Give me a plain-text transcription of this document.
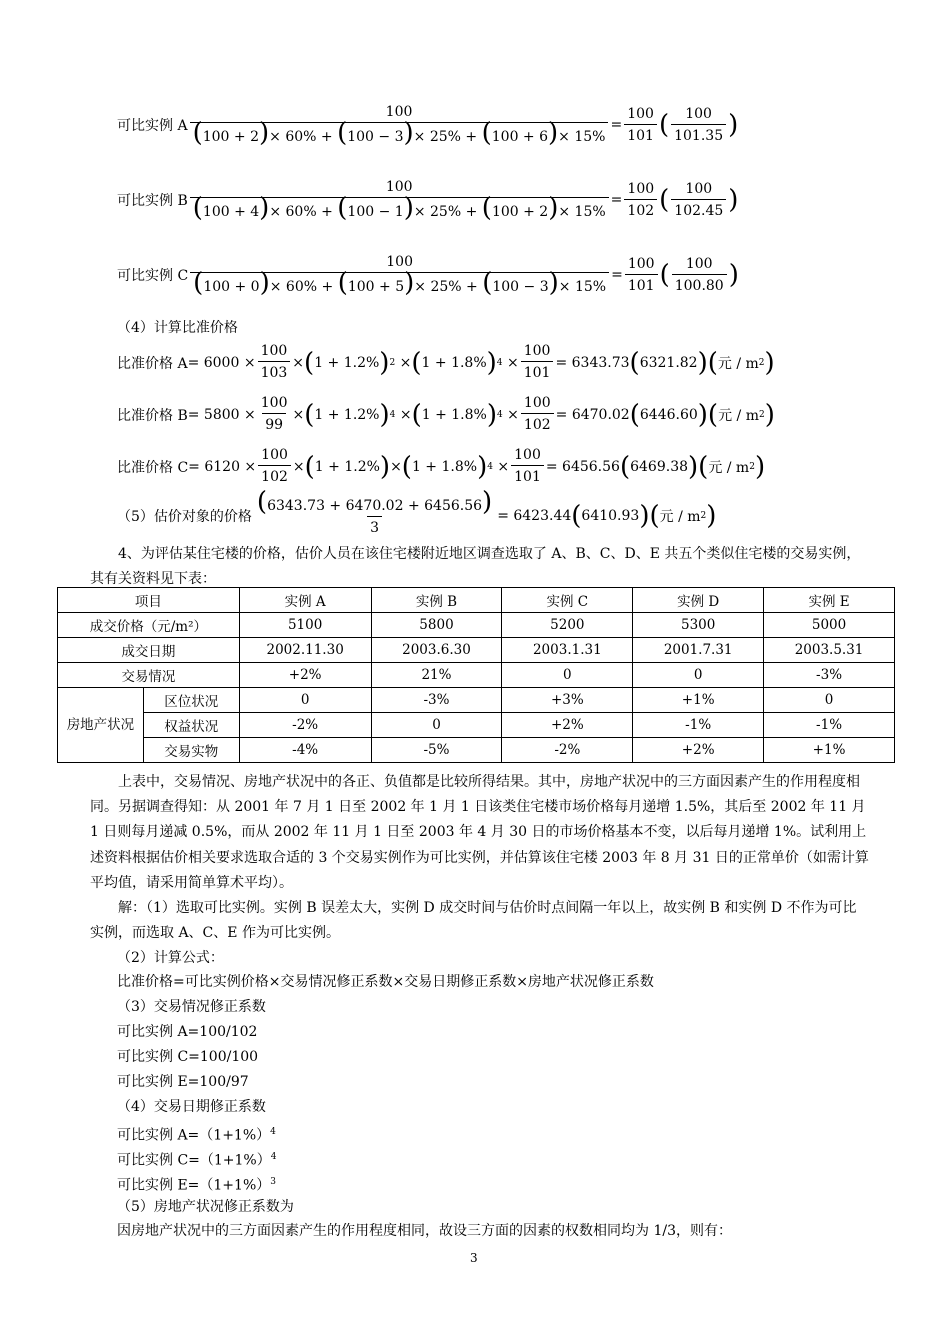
可比实例 A $\frac{100}{(100 + 2)\times 60\% + (100 - 3)\times 25\% + (100 + 6)\times 15\%} = \frac{100}{101}$ ( $\frac{100}{101.35}$ )
可比实例 B $\frac{100}{(100 + 4)\times 60\% + (100 - 1)\times 25\% + (100 + 2)\times 15\%} = \frac{100}{102}$ ( $\frac{100}{102.45}$ )
可比实例 C $\frac{100}{(100 + 0)\times 60\% + (100 + 5)\times 25\% + (100 - 3)\times 15\%} = \frac{100}{101}$ ( $\frac{100}{100.80}$ )
（4）计算比准价格
比准价格 $A = 6000 \times \frac{100}{103}$ × ( 1 + 1.2% ) 2 × ( 1 + 1.8% ) $4 \times \frac{100}{101} = 6343.73$ ( 6321.82 )( 元 / m 2 )
比准价格 $B = 5800 \times \frac{100}{99}$ × ( 1 + 1.2% ) 4 × ( 1 + 1.8% ) $4 \times \frac{100}{102} = 6470.02$ ( 6446.60 )( 元 / m 2 )
比准价格 $C = 6120 \times \frac{100}{102}$ × ( 1 + 1.2% ) × ( 1 + 1.8% ) $4 \times \frac{100}{101} = 6456.56$ ( 6469.38 )( 元 / m 2 )
（5）估价对象的价格 $\frac{(6343.73 + 6470.02 + 6456.56)}{3} = 6423.44$ ( 6410.93 )( 元 / m 2 )
4、为评估某住宅楼的价格，估价人员在该住宅楼附近地区调查选取了 A、B、C、D、E 共五个类似住宅楼的交易实例，其有关资料见下表：
项目		实例 A	实例 B	实例 C	实例 D	实例 E
成交价格（元/m²）		5100	5800	5200	5300	5000
成交日期		2002.11.30	2003.6.30	2003.1.31	2001.7.31	2003.5.31
交易情况		+2%	21%	0	0	-3%
房地产状况	区位状况	0	-3%	+3%	+1%	0
	权益状况	-2%	0	+2%	-1%	-1%
	交易实物	-4%	-5%	-2%	+2%	+1%
上表中，交易情况、房地产状况中的各正、负值都是比较所得结果。其中，房地产状况中的三方面因素产生的作用程度相同。另据调查得知：从 2001 年 7 月 1 日至 2002 年 1 月 1 日该类住宅楼市场价格每月递增 1.5%，其后至 2002 年 11 月 1 日则每月递减 0.5%，而从 2002 年 11 月 1 日至 2003 年 4 月 30 日的市场价格基本不变，以后每月递增 1%。试利用上述资料根据估价相关要求选取合适的 3 个交易实例作为可比实例，并估算该住宅楼 2003 年 8 月 31 日的正常单价（如需计算平均值，请采用简单算术平均）。
解：（1）选取可比实例。实例 B 误差太大，实例 D 成交时间与估价时点间隔一年以上，故实例 B 和实例 D 不作为可比实例，而选取 A、C、E 作为可比实例。
（2）计算公式：
比准价格=可比实例价格×交易情况修正系数×交易日期修正系数×房地产状况修正系数
（3）交易情况修正系数
可比实例 A=100/102
可比实例 C=100/100
可比实例 E=100/97
（4）交易日期修正系数
可比实例 $A=(1+1\%)^4$
可比实例 $C=(1+1\%)^4$
可比实例 $E=(1+1\%)^3$
（5）房地产状况修正系数为
因房地产状况中的三方面因素产生的作用程度相同，故设三方面的因素的权数相同均为 1/3，则有：
3
